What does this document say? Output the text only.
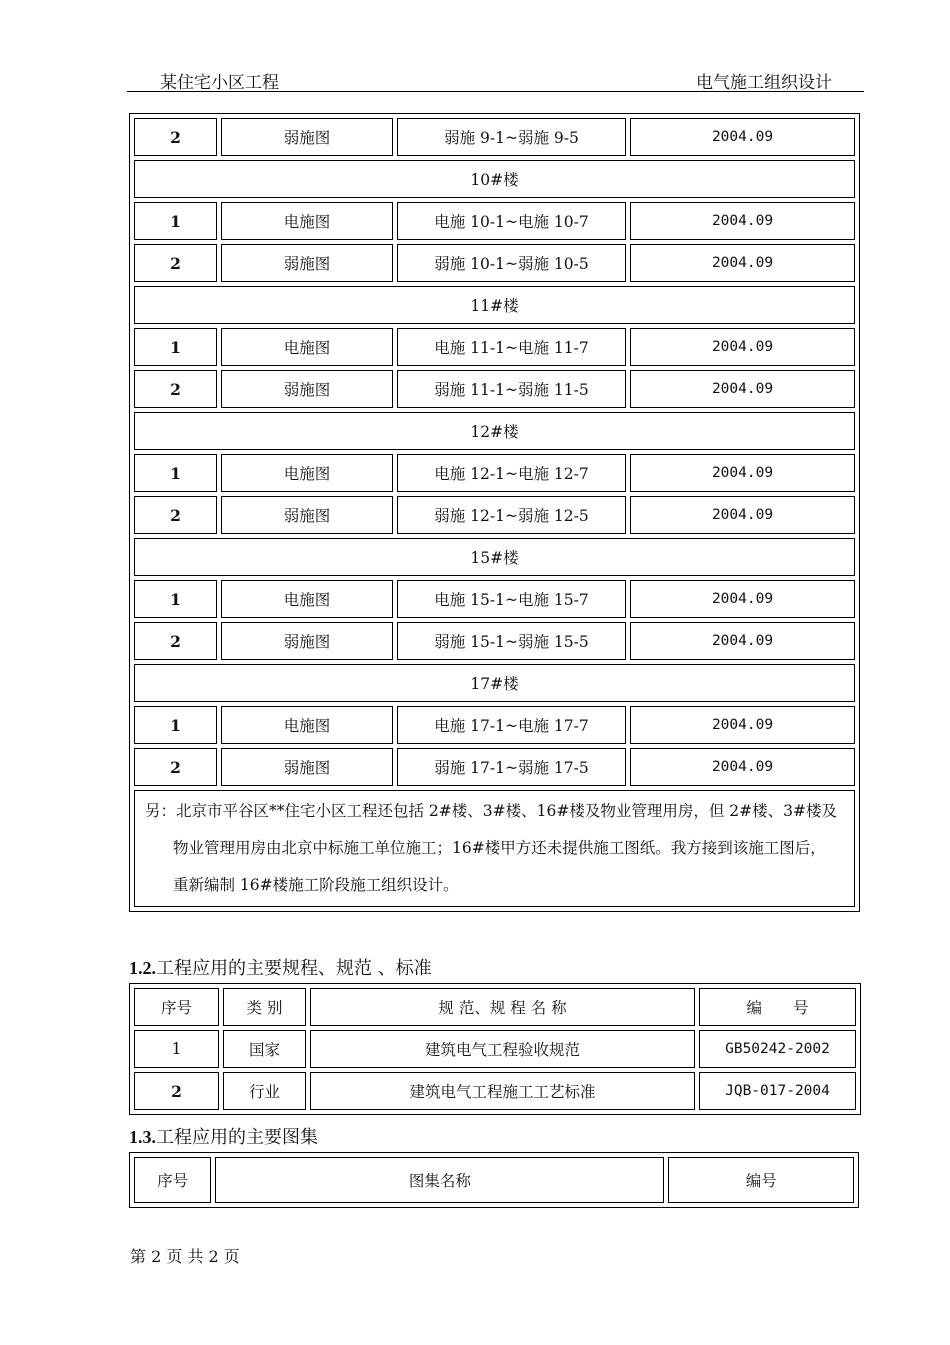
某住宅小区工程	电气施工组织设计
2	弱施图	弱施 9-1~弱施 9-5	2004.09
10#楼			
1	电施图	电施 10-1~电施 10-7	2004.09
2	弱施图	弱施 10-1~弱施 10-5	2004.09
11#楼			
1	电施图	电施 11-1~电施 11-7	2004.09
2	弱施图	弱施 11-1~弱施 11-5	2004.09
12#楼			
1	电施图	电施 12-1~电施 12-7	2004.09
2	弱施图	弱施 12-1~弱施 12-5	2004.09
15#楼			
1	电施图	电施 15-1~电施 15-7	2004.09
2	弱施图	弱施 15-1~弱施 15-5	2004.09
17#楼			
1	电施图	电施 17-1~电施 17-7	2004.09
2	弱施图	弱施 17-1~弱施 17-5	2004.09
另：北京市平谷区**住宅小区工程还包括 2#楼、3#楼、16#楼及物业管理用房，但 2#楼、3#楼及
物业管理用房由北京中标施工单位施工；16#楼甲方还未提供施工图纸。我方接到该施工图后，
重新编制 16#楼施工阶段施工组织设计。			
1.2.工程应用的主要规程、规范 、标准
序号	类 别	规 范、规 程 名 称	编　　号
1	国家	建筑电气工程验收规范	GB50242-2002
2	行业	建筑电气工程施工工艺标准	JQB-017-2004
1.3.工程应用的主要图集
序号	图集名称	编号
第 2 页 共 2 页
